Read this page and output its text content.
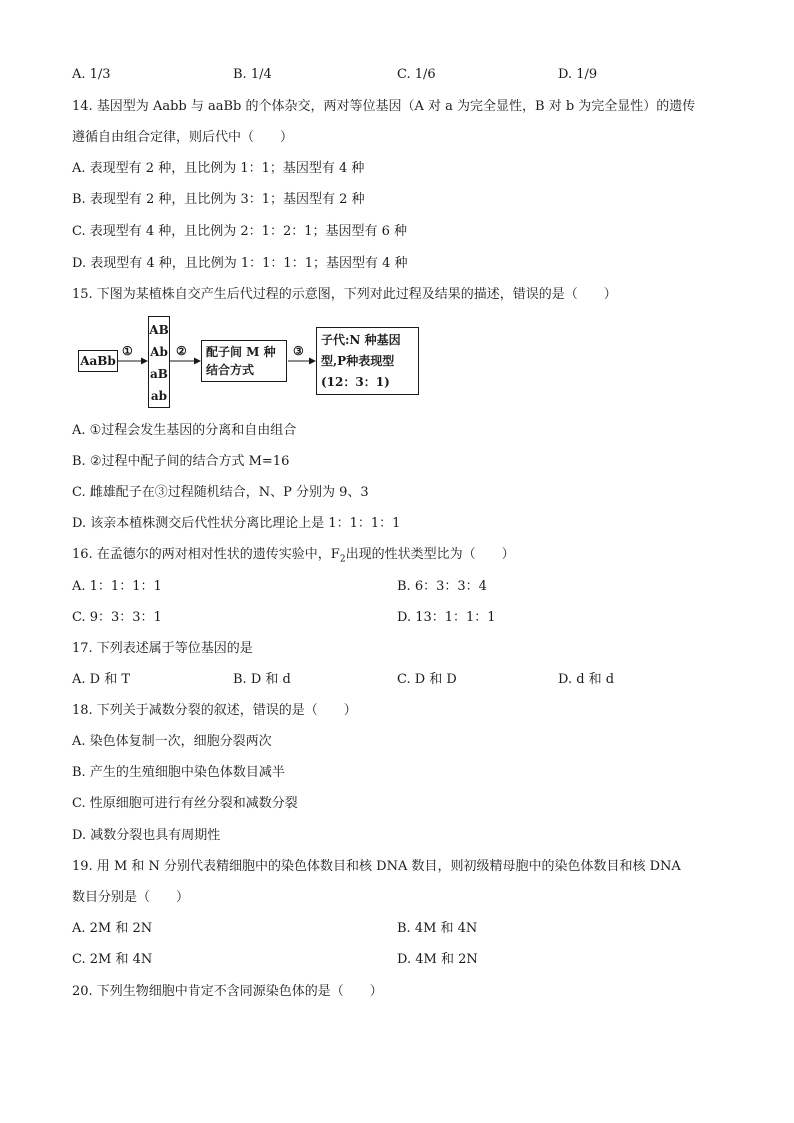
A. 1/3	B. 1/4	C. 1/6	D. 1/9
14. 基因型为 Aabb 与 aaBb 的个体杂交，两对等位基因（A 对 a 为完全显性，B 对 b 为完全显性）的遗传
遵循自由组合定律，则后代中（　　）
A. 表现型有 2 种，且比例为 1：1；基因型有 4 种
B. 表现型有 2 种，且比例为 3：1；基因型有 2 种
C. 表现型有 4 种，且比例为 2：1：2：1；基因型有 6 种
D. 表现型有 4 种，且比例为 1：1：1：1；基因型有 4 种
15. 下图为某植株自交产生后代过程的示意图，下列对此过程及结果的描述，错误的是（　　）
AaBb
①	②	③
AB
Ab
aB
ab
配子间 M 种
结合方式
子代:N 种基因
型,P种表现型
(12：3：1)
A. ①过程会发生基因的分离和自由组合
B. ②过程中配子间的结合方式 M=16
C. 雌雄配子在③过程随机结合，N、P 分别为 9、3
D. 该亲本植株测交后代性状分离比理论上是 1：1：1：1
16. 在孟德尔的两对相对性状的遗传实验中，$F_2$出现的性状类型比为（　　）
A. 1：1：1：1	B. 6：3：3：4
C. 9：3：3：1	D. 13：1：1：1
17. 下列表述属于等位基因的是
A. D 和 T	B. D 和 d	C. D 和 D	D. d 和 d
18. 下列关于减数分裂的叙述，错误的是（　　）
A. 染色体复制一次，细胞分裂两次
B. 产生的生殖细胞中染色体数目减半
C. 性原细胞可进行有丝分裂和减数分裂
D. 减数分裂也具有周期性
19. 用 M 和 N 分别代表精细胞中的染色体数目和核 DNA 数目，则初级精母胞中的染色体数目和核 DNA
数目分别是（　　）
A. 2M 和 2N	B. 4M 和 4N
C. 2M 和 4N	D. 4M 和 2N
20. 下列生物细胞中肯定不含同源染色体的是（　　）
